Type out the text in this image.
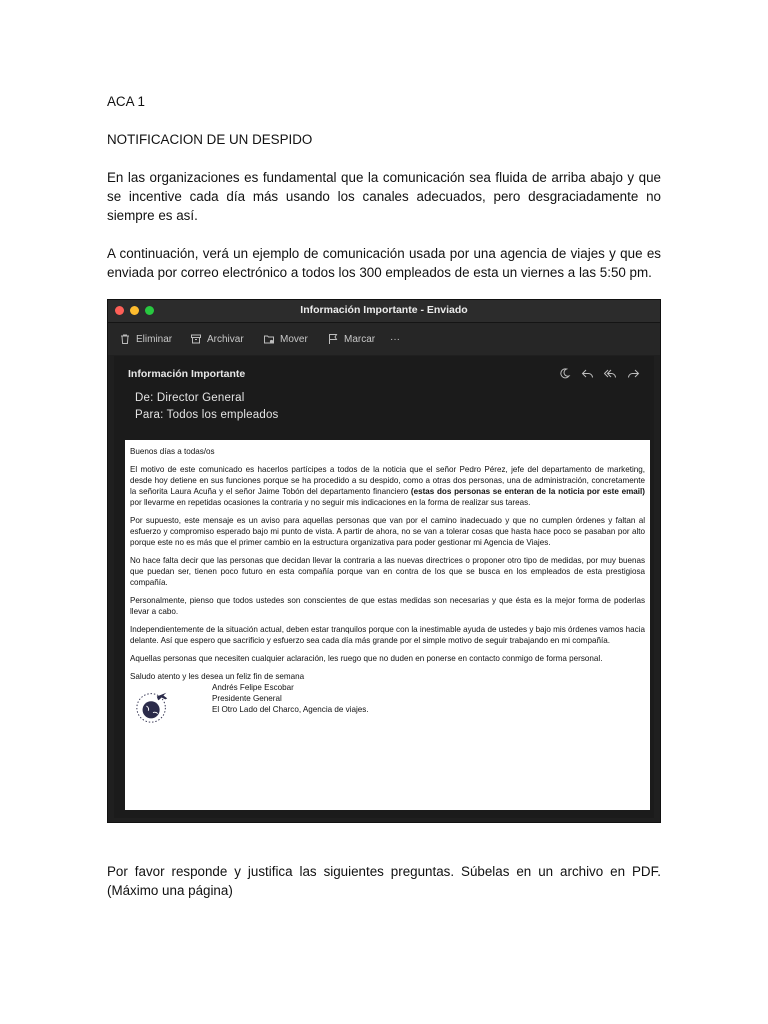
ACA 1

NOTIFICACION DE UN DESPIDO

En las organizaciones es fundamental que la comunicación sea fluida de arriba abajo y que se incentive cada día más usando los canales adecuados, pero desgraciadamente no siempre es así.

A continuación, verá un ejemplo de comunicación usada por una agencia de viajes y que es enviada por correo electrónico a todos los 300 empleados de esta un viernes a las 5:50 pm.

Información Importante - Enviado
Eliminar	Archivar	Mover	Marcar ···
Información Importante
De: Director General
Para: Todos los empleados

Buenos días a todas/os

El motivo de este comunicado es hacerlos partícipes a todos de la noticia que el señor Pedro Pérez, jefe del departamento de marketing, desde hoy detiene en sus funciones porque se ha procedido a su despido, como a otras dos personas, una de administración, concretamente la señorita Laura Acuña y el señor Jaime Tobón del departamento financiero (estas dos personas se enteran de la noticia por este email) por llevarme en repetidas ocasiones la contraria y no seguir mis indicaciones en la forma de realizar sus tareas.

Por supuesto, este mensaje es un aviso para aquellas personas que van por el camino inadecuado y que no cumplen órdenes y faltan al esfuerzo y compromiso esperado bajo mi punto de vista. A partir de ahora, no se van a tolerar cosas que hasta hace poco se pasaban por alto porque este no es más que el primer cambio en la estructura organizativa para poder gestionar mi Agencia de Viajes.

No hace falta decir que las personas que decidan llevar la contraria a las nuevas directrices o proponer otro tipo de medidas, por muy buenas que puedan ser, tienen poco futuro en esta compañía porque van en contra de los que se busca en los empleados de esta prestigiosa compañía.

Personalmente, pienso que todos ustedes son conscientes de que estas medidas son necesarias y que ésta es la mejor forma de poderlas llevar a cabo.

Independientemente de la situación actual, deben estar tranquilos porque con la inestimable ayuda de ustedes y bajo mis órdenes vamos hacia delante. Así que espero que sacrificio y esfuerzo sea cada día más grande por el simple motivo de seguir trabajando en mi compañía.

Aquellas personas que necesiten cualquier aclaración, les ruego que no duden en ponerse en contacto conmigo de forma personal.

Saludo atento y les desea un feliz fin de semana
Andrés Felipe Escobar
Presidente General
El Otro Lado del Charco, Agencia de viajes.

Por favor responde y justifica las siguientes preguntas. Súbelas en un archivo en PDF. (Máximo una página)
